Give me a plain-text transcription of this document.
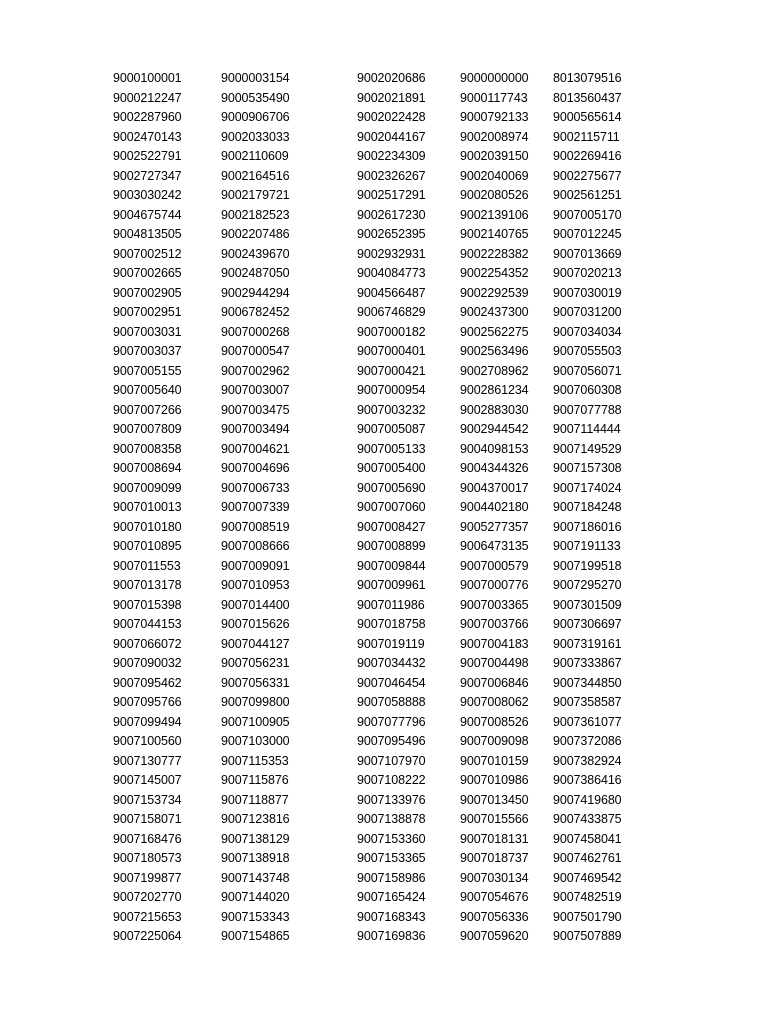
9000100001
9000212247
9002287960
9002470143
9002522791
9002727347
9003030242
9004675744
9004813505
9007002512
9007002665
9007002905
9007002951
9007003031
9007003037
9007005155
9007005640
9007007266
9007007809
9007008358
9007008694
9007009099
9007010013
9007010180
9007010895
9007011553
9007013178
9007015398
9007044153
9007066072
9007090032
9007095462
9007095766
9007099494
9007100560
9007130777
9007145007
9007153734
9007158071
9007168476
9007180573
9007199877
9007202770
9007215653
9007225064
9000003154
9000535490
9000906706
9002033033
9002110609
9002164516
9002179721
9002182523
9002207486
9002439670
9002487050
9002944294
9006782452
9007000268
9007000547
9007002962
9007003007
9007003475
9007003494
9007004621
9007004696
9007006733
9007007339
9007008519
9007008666
9007009091
9007010953
9007014400
9007015626
9007044127
9007056231
9007056331
9007099800
9007100905
9007103000
9007115353
9007115876
9007118877
9007123816
9007138129
9007138918
9007143748
9007144020
9007153343
9007154865
9002020686
9002021891
9002022428
9002044167
9002234309
9002326267
9002517291
9002617230
9002652395
9002932931
9004084773
9004566487
9006746829
9007000182
9007000401
9007000421
9007000954
9007003232
9007005087
9007005133
9007005400
9007005690
9007007060
9007008427
9007008899
9007009844
9007009961
9007011986
9007018758
9007019119
9007034432
9007046454
9007058888
9007077796
9007095496
9007107970
9007108222
9007133976
9007138878
9007153360
9007153365
9007158986
9007165424
9007168343
9007169836
9000000000
9000117743
9000792133
9002008974
9002039150
9002040069
9002080526
9002139106
9002140765
9002228382
9002254352
9002292539
9002437300
9002562275
9002563496
9002708962
9002861234
9002883030
9002944542
9004098153
9004344326
9004370017
9004402180
9005277357
9006473135
9007000579
9007000776
9007003365
9007003766
9007004183
9007004498
9007006846
9007008062
9007008526
9007009098
9007010159
9007010986
9007013450
9007015566
9007018131
9007018737
9007030134
9007054676
9007056336
9007059620
8013079516
8013560437
9000565614
9002115711
9002269416
9002275677
9002561251
9007005170
9007012245
9007013669
9007020213
9007030019
9007031200
9007034034
9007055503
9007056071
9007060308
9007077788
9007114444
9007149529
9007157308
9007174024
9007184248
9007186016
9007191133
9007199518
9007295270
9007301509
9007306697
9007319161
9007333867
9007344850
9007358587
9007361077
9007372086
9007382924
9007386416
9007419680
9007433875
9007458041
9007462761
9007469542
9007482519
9007501790
9007507889
